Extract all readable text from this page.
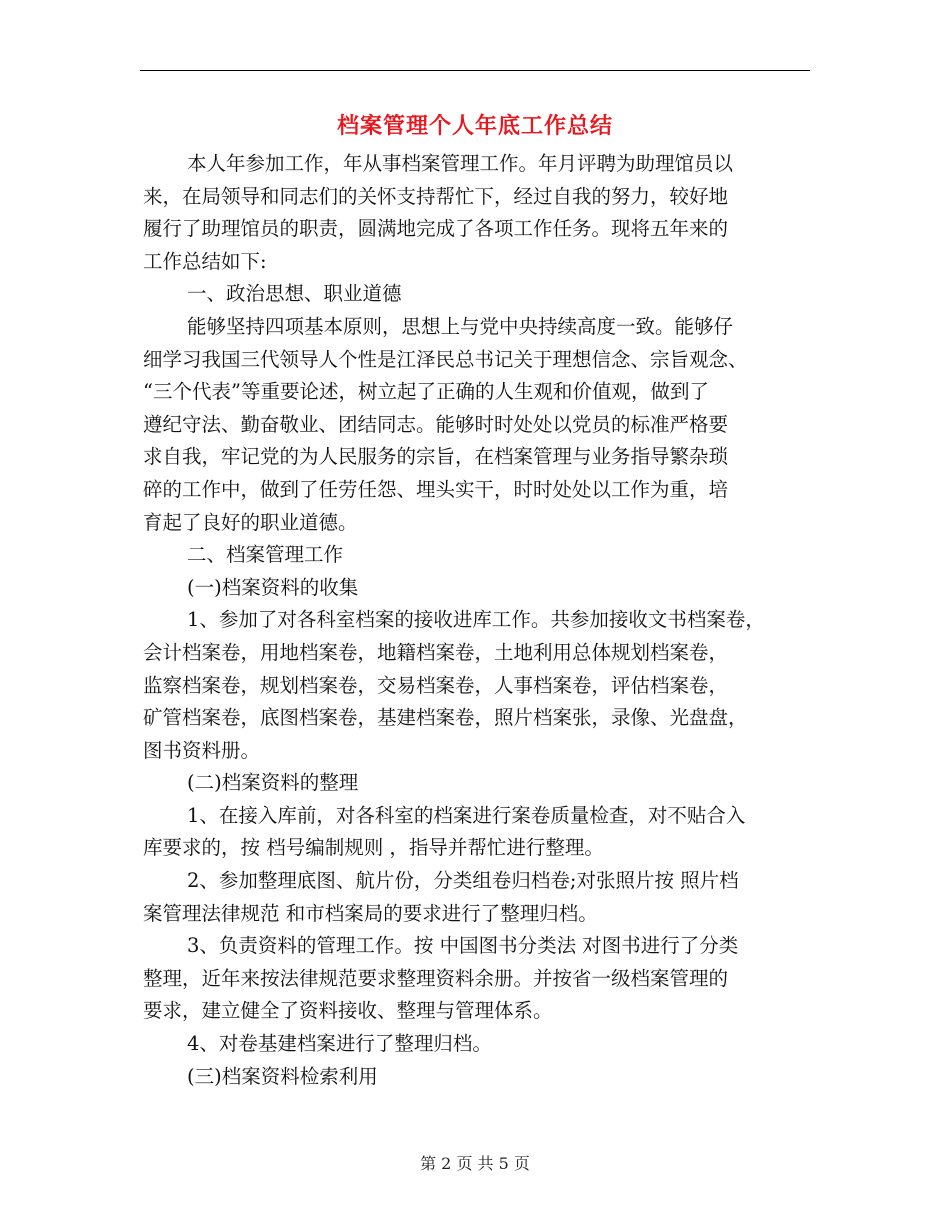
档案管理个人年底工作总结

本人年参加工作，年从事档案管理工作。年月评聘为助理馆员以

来，在局领导和同志们的关怀支持帮忙下，经过自我的努力，较好地

履行了助理馆员的职责，圆满地完成了各项工作任务。现将五年来的

工作总结如下:

一、政治思想、职业道德

能够坚持四项基本原则，思想上与党中央持续高度一致。能够仔

细学习我国三代领导人个性是江泽民总书记关于理想信念、宗旨观念、

“三个代表”等重要论述，树立起了正确的人生观和价值观，做到了

遵纪守法、勤奋敬业、团结同志。能够时时处处以党员的标准严格要

求自我，牢记党的为人民服务的宗旨，在档案管理与业务指导繁杂琐

碎的工作中，做到了任劳任怨、埋头实干，时时处处以工作为重，培

育起了良好的职业道德。

二、档案管理工作

(一)档案资料的收集

1、参加了对各科室档案的接收进库工作。共参加接收文书档案卷，

会计档案卷，用地档案卷，地籍档案卷，土地利用总体规划档案卷，

监察档案卷，规划档案卷，交易档案卷，人事档案卷，评估档案卷，

矿管档案卷，底图档案卷，基建档案卷，照片档案张，录像、光盘盘，

图书资料册。

(二)档案资料的整理

1、在接入库前，对各科室的档案进行案卷质量检查，对不贴合入

库要求的，按 档号编制规则 ，指导并帮忙进行整理。

2、参加整理底图、航片份，分类组卷归档卷;对张照片按 照片档

案管理法律规范 和市档案局的要求进行了整理归档。

3、负责资料的管理工作。按 中国图书分类法 对图书进行了分类

整理，近年来按法律规范要求整理资料余册。并按省一级档案管理的

要求，建立健全了资料接收、整理与管理体系。

4、对卷基建档案进行了整理归档。

(三)档案资料检索利用

第 2 页 共 5 页
